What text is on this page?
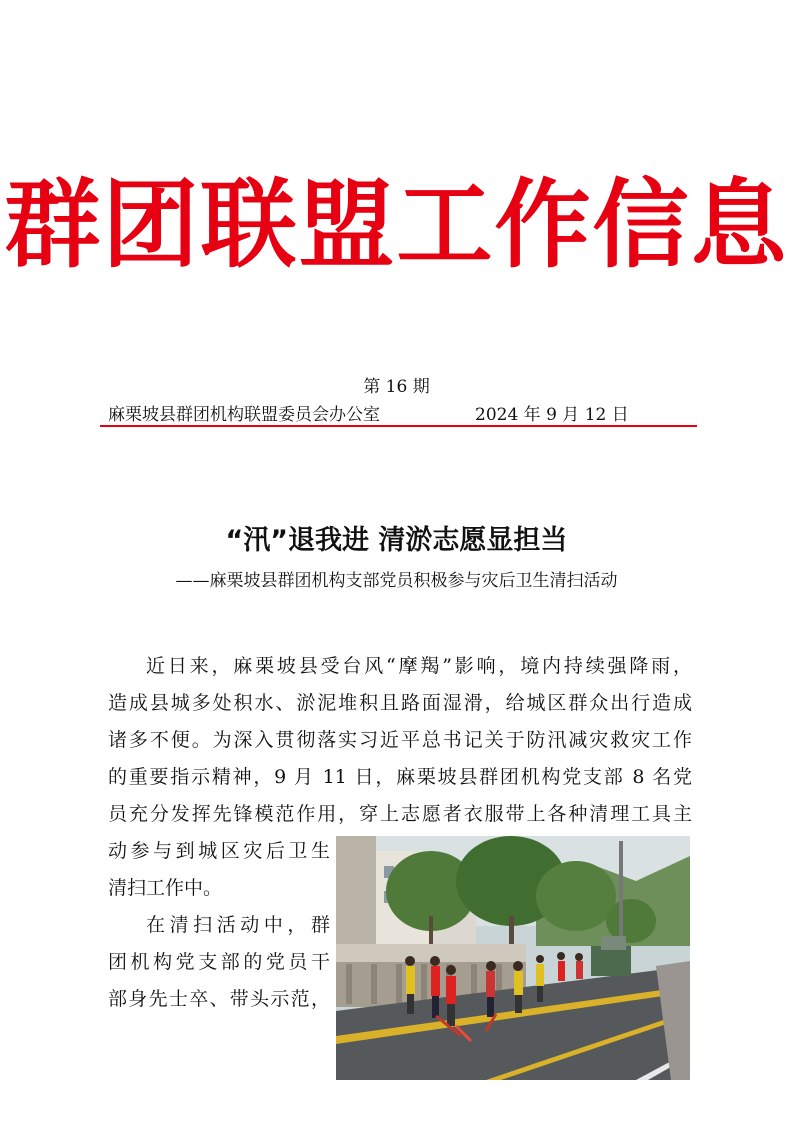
群团联盟工作信息
第 16 期
麻栗坡县群团机构联盟委员会办公室	2024 年 9 月 12 日
“汛”退我进 清淤志愿显担当
——麻栗坡县群团机构支部党员积极参与灾后卫生清扫活动
近日来，麻栗坡县受台风“摩羯”影响，境内持续强降雨，
造成县城多处积水、淤泥堆积且路面湿滑，给城区群众出行造成
诸多不便。为深入贯彻落实习近平总书记关于防汛减灾救灾工作
的重要指示精神，9 月 11 日，麻栗坡县群团机构党支部 8 名党
员充分发挥先锋模范作用，穿上志愿者衣服带上各种清理工具主
动参与到城区灾后卫生
清扫工作中。
在清扫活动中，群
团机构党支部的党员干
部身先士卒、带头示范，
